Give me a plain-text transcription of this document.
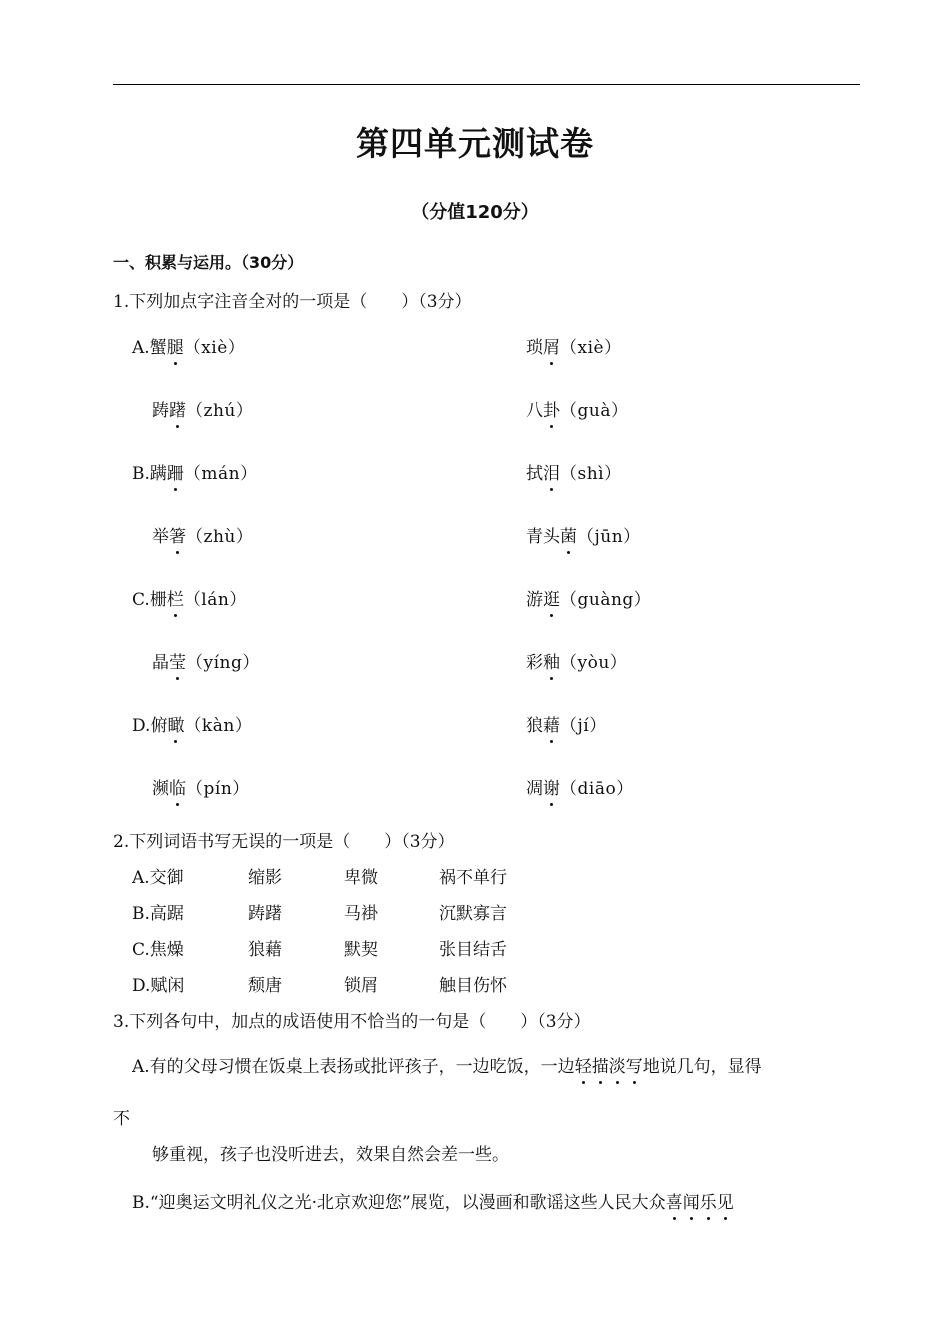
第四单元测试卷
（分值120分）
一、积累与运用。（30分）
1.下列加点字注音全对的一项是（　　）（3分）
A.蟹腿（xiè）	琐屑（xiè）
踌躇（zhú）	八卦（guà）
B.蹒跚（mán）	拭泪（shì）
举箸（zhù）	青头菌（jūn）
C.栅栏（lán）	游逛（guàng）
晶莹（yíng）	彩釉（yòu）
D.俯瞰（kàn）	狼藉（jí）
濒临（pín）	凋谢（diāo）
2.下列词语书写无误的一项是（　　）（3分）
A.交御	缩影	卑微	祸不单行
B.高踞	踌躇	马褂	沉默寡言
C.焦燥	狼藉	默契	张目结舌
D.赋闲	颓唐	锁屑	触目伤怀
3.下列各句中，加点的成语使用不恰当的一句是（　　）（3分）
A.有的父母习惯在饭桌上表扬或批评孩子，一边吃饭，一边轻描淡写地说几句，显得
不
够重视，孩子也没听进去，效果自然会差一些。
B.“迎奥运文明礼仪之光·北京欢迎您”展览，以漫画和歌谣这些人民大众喜闻乐见
